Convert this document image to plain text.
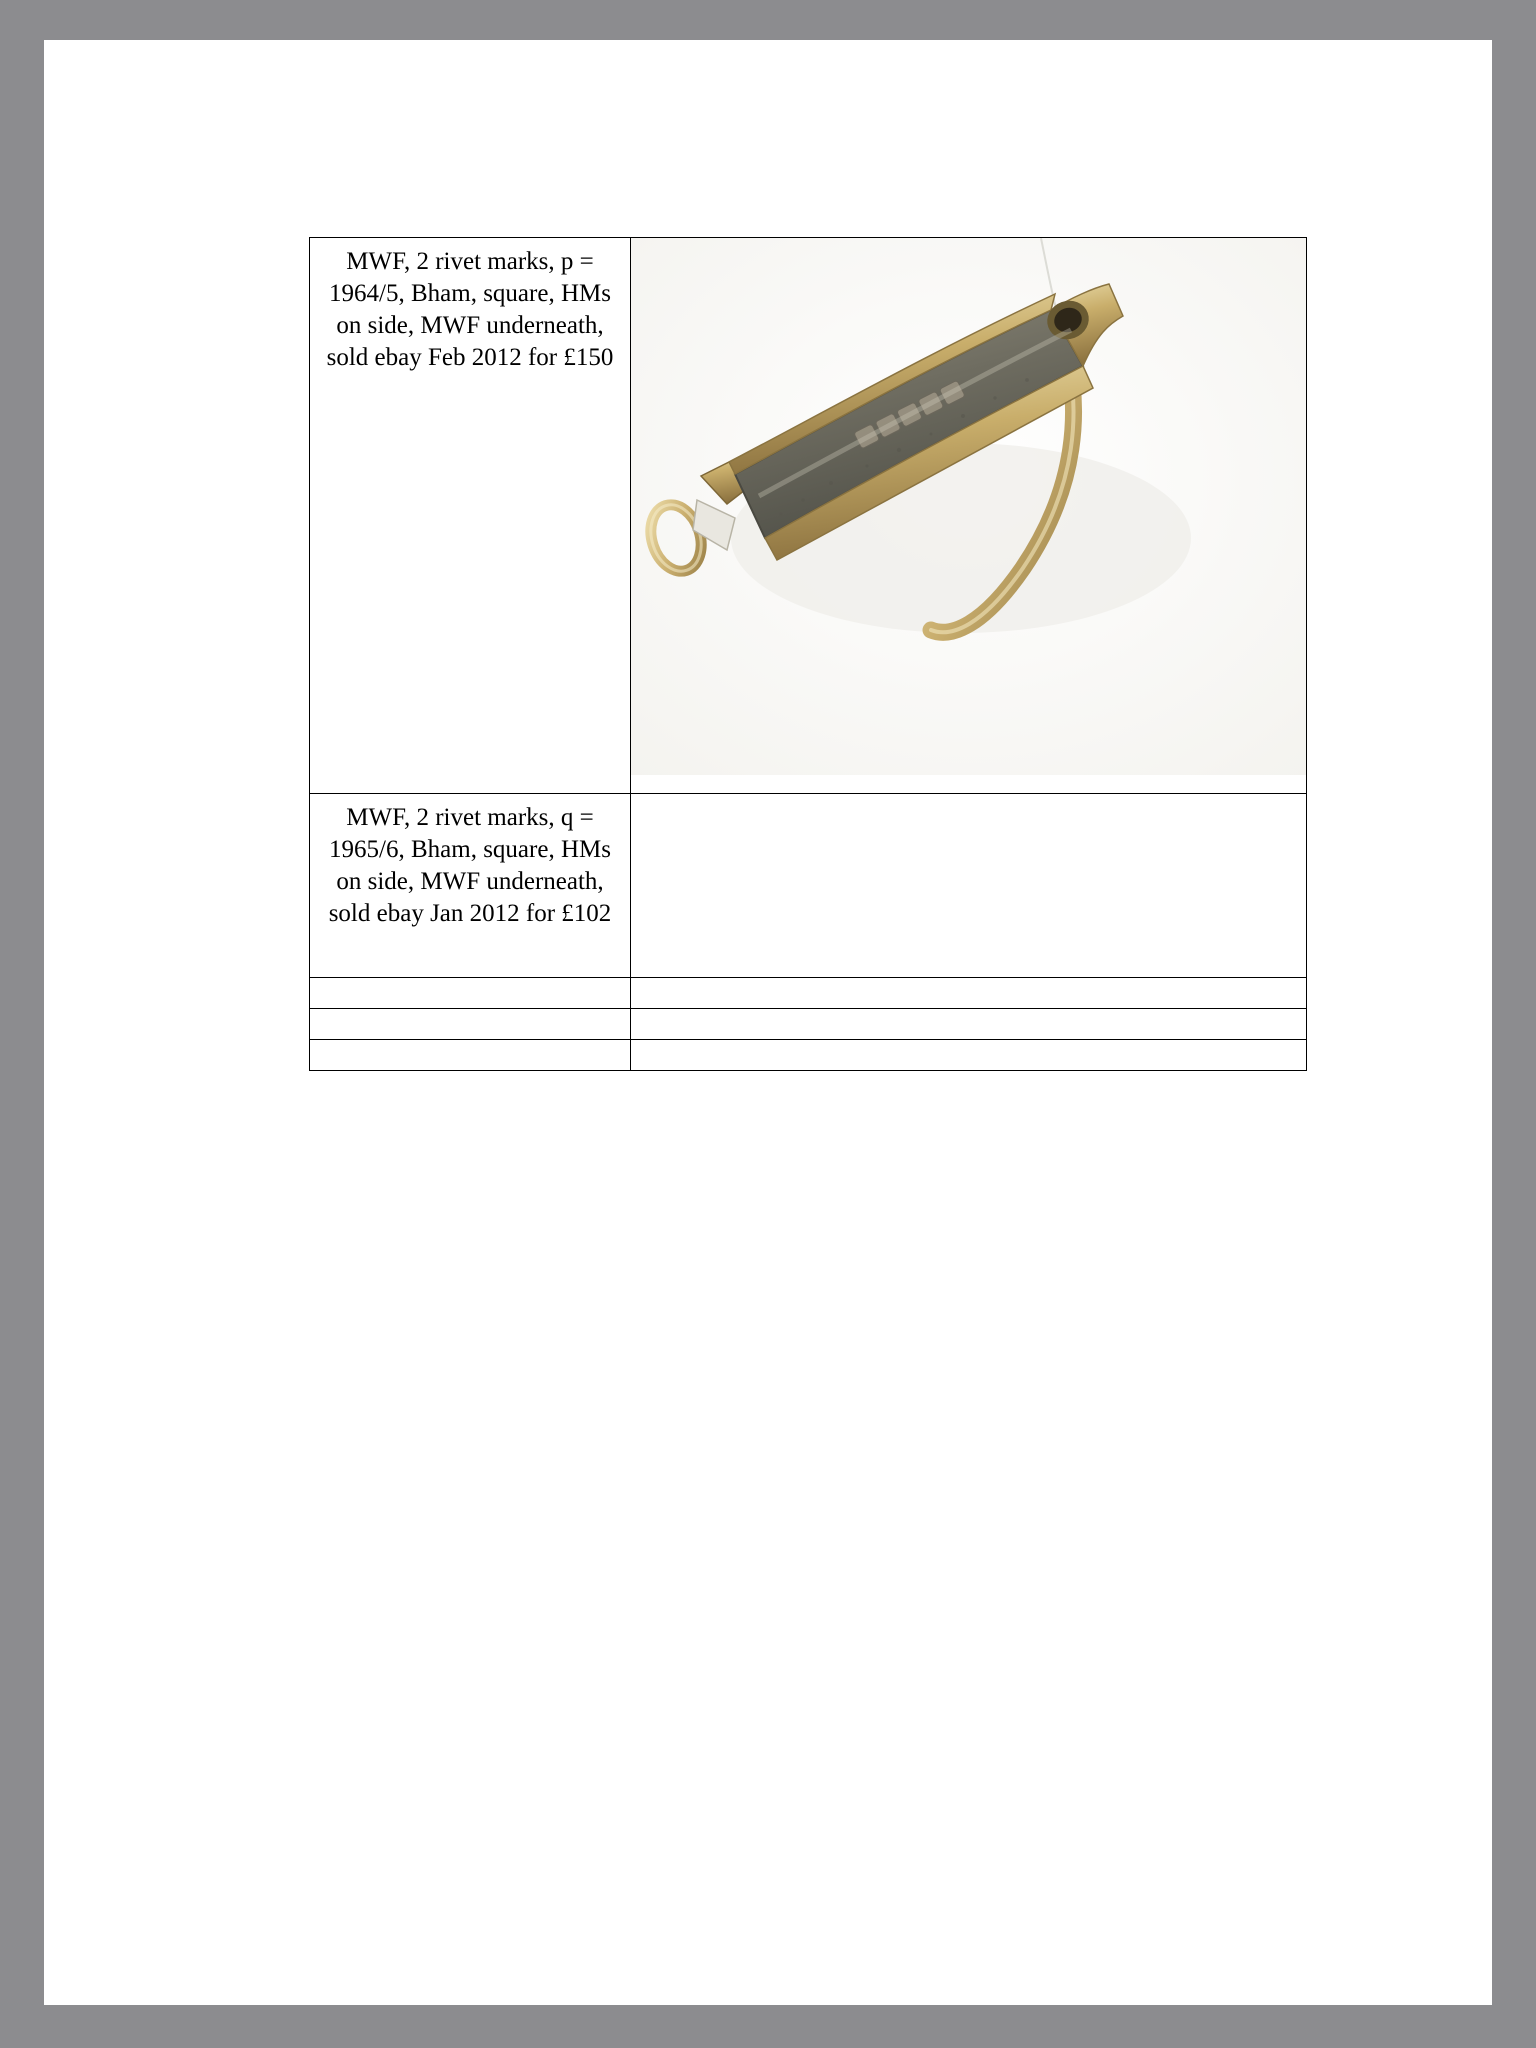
MWF, 2 rivet marks, p = 1964/5, Bham, square, HMs on side, MWF underneath, sold ebay Feb 2012 for £150

MWF, 2 rivet marks, q = 1965/6, Bham, square, HMs on side, MWF underneath, sold ebay Jan 2012 for £102	
